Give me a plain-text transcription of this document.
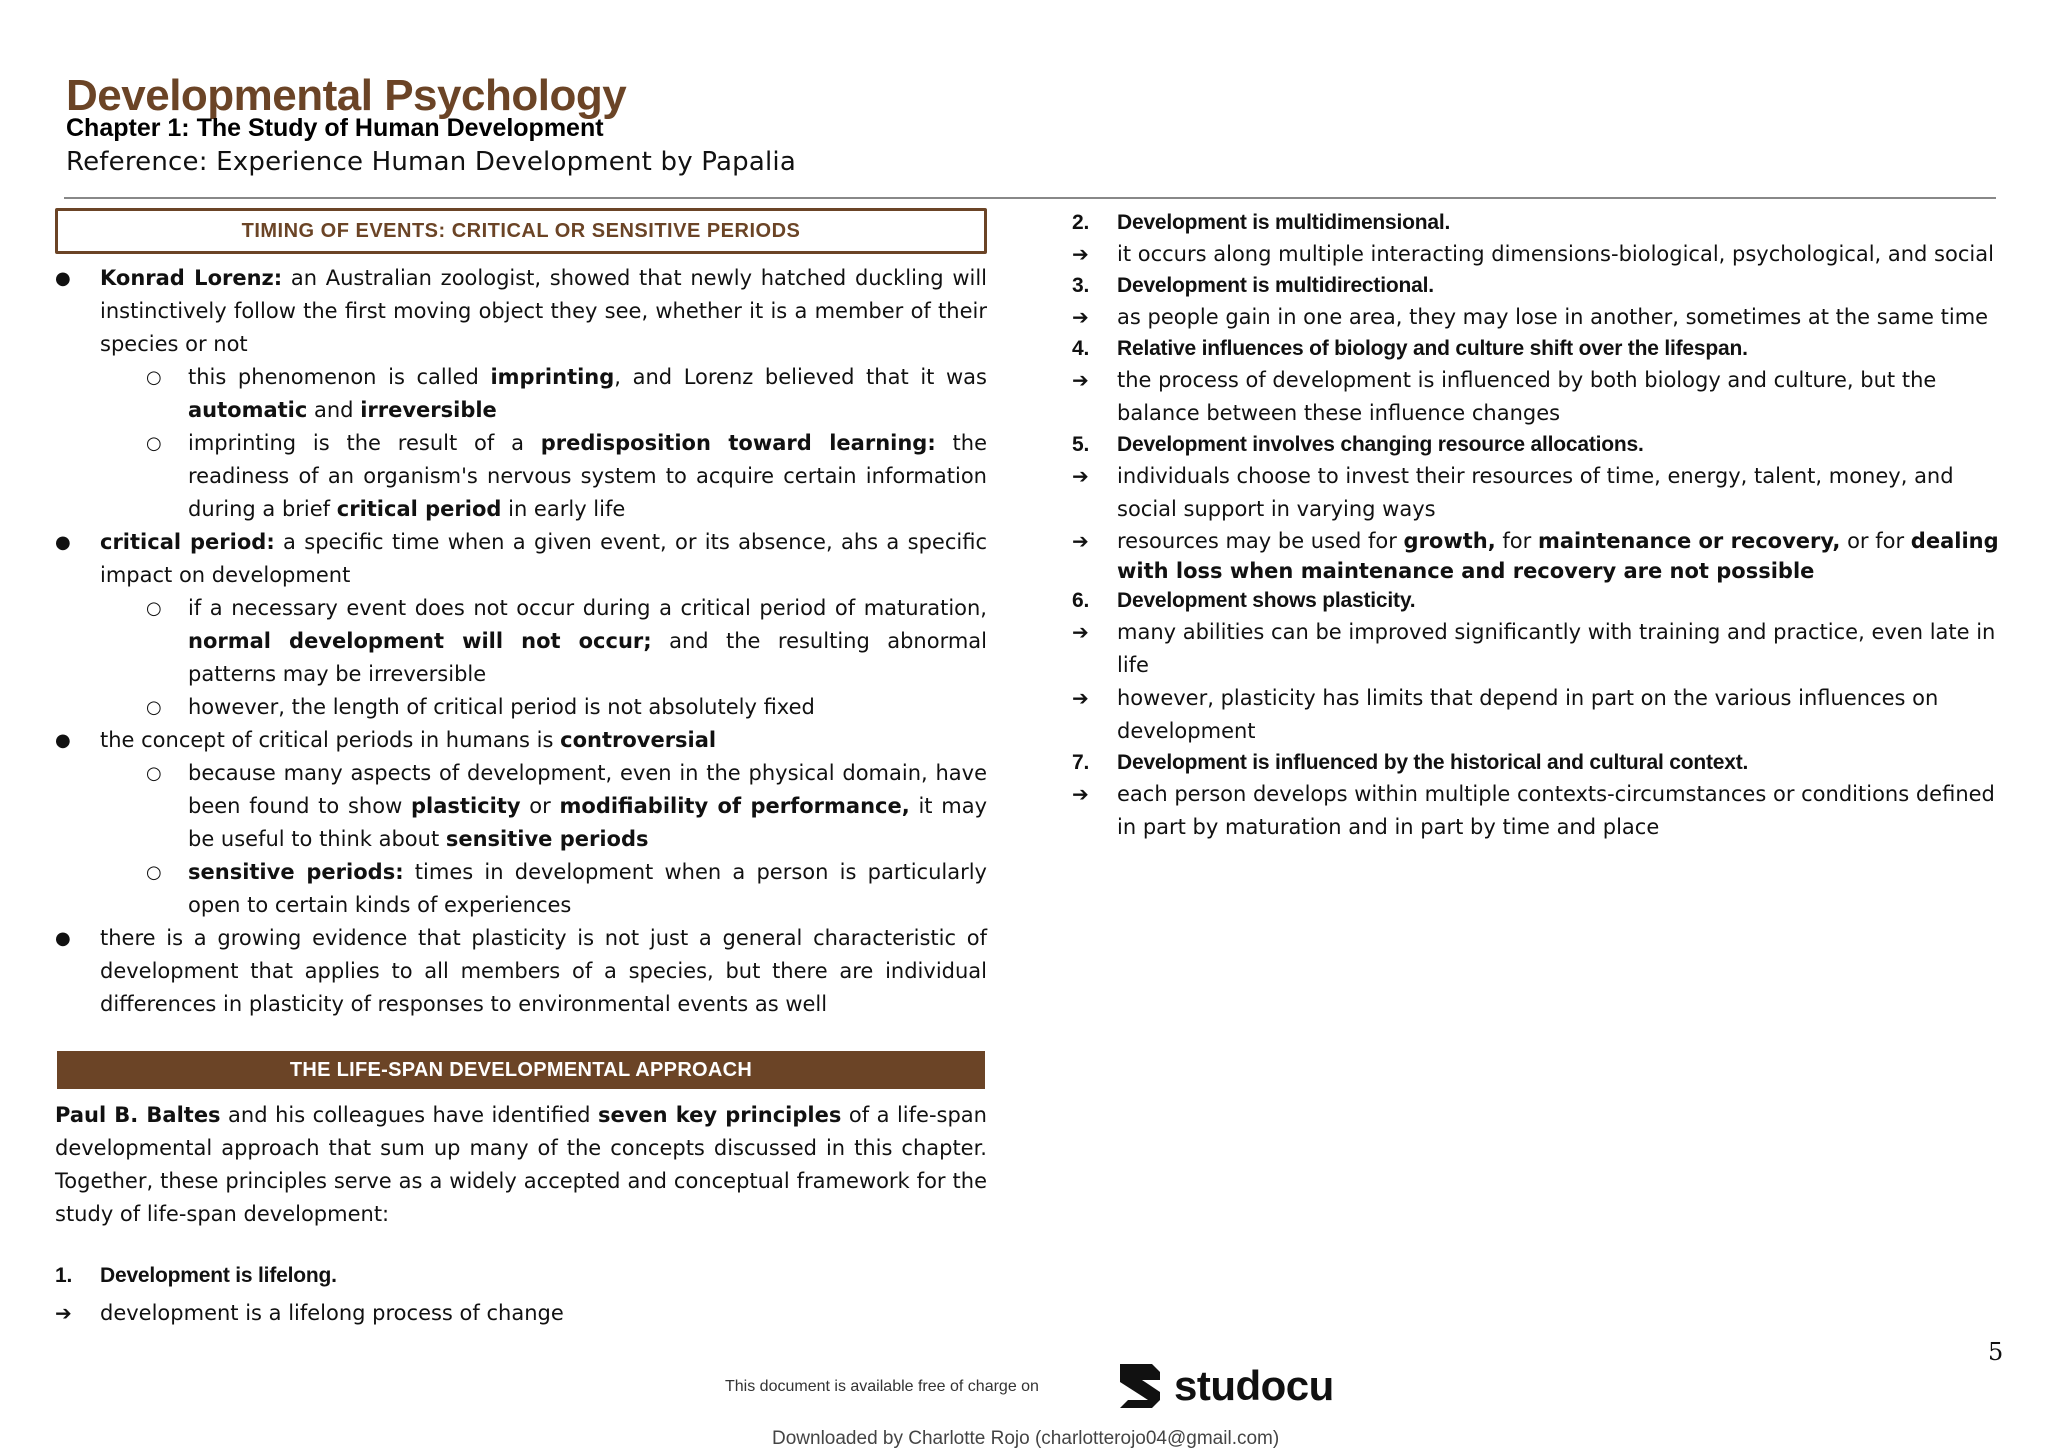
Developmental Psychology
Chapter 1: The Study of Human Development
Reference: Experience Human Development by Papalia
TIMING OF EVENTS: CRITICAL OR SENSITIVE PERIODS
● Konrad Lorenz: an Australian zoologist, showed that newly hatched duckling will instinctively follow the first moving object they see, whether it is a member of their species or not
○ this phenomenon is called imprinting, and Lorenz believed that it was automatic and irreversible
○ imprinting is the result of a predisposition toward learning: the readiness of an organism's nervous system to acquire certain information during a brief critical period in early life
● critical period: a specific time when a given event, or its absence, ahs a specific impact on development
○ if a necessary event does not occur during a critical period of maturation, normal development will not occur; and the resulting abnormal patterns may be irreversible
○ however, the length of critical period is not absolutely fixed
● the concept of critical periods in humans is controversial
○ because many aspects of development, even in the physical domain, have been found to show plasticity or modifiability of performance, it may be useful to think about sensitive periods
○ sensitive periods: times in development when a person is particularly open to certain kinds of experiences
● there is a growing evidence that plasticity is not just a general characteristic of development that applies to all members of a species, but there are individual differences in plasticity of responses to environmental events as well
THE LIFE-SPAN DEVELOPMENTAL APPROACH
Paul B. Baltes and his colleagues have identified seven key principles of a life-span developmental approach that sum up many of the concepts discussed in this chapter. Together, these principles serve as a widely accepted and conceptual framework for the study of life-span development:
1. Development is lifelong.
➔ development is a lifelong process of change
2. Development is multidimensional.
➔ it occurs along multiple interacting dimensions-biological, psychological, and social
3. Development is multidirectional.
➔ as people gain in one area, they may lose in another, sometimes at the same time
4. Relative influences of biology and culture shift over the lifespan.
➔ the process of development is influenced by both biology and culture, but the balance between these influence changes
5. Development involves changing resource allocations.
➔ individuals choose to invest their resources of time, energy, talent, money, and social support in varying ways
➔ resources may be used for growth, for maintenance or recovery, or for dealing with loss when maintenance and recovery are not possible
6. Development shows plasticity.
➔ many abilities can be improved significantly with training and practice, even late in life
➔ however, plasticity has limits that depend in part on the various influences on development
7. Development is influenced by the historical and cultural context.
➔ each person develops within multiple contexts-circumstances or conditions defined in part by maturation and in part by time and place
5
This document is available free of charge on	studocu
Downloaded by Charlotte Rojo (charlotterojo04@gmail.com)
